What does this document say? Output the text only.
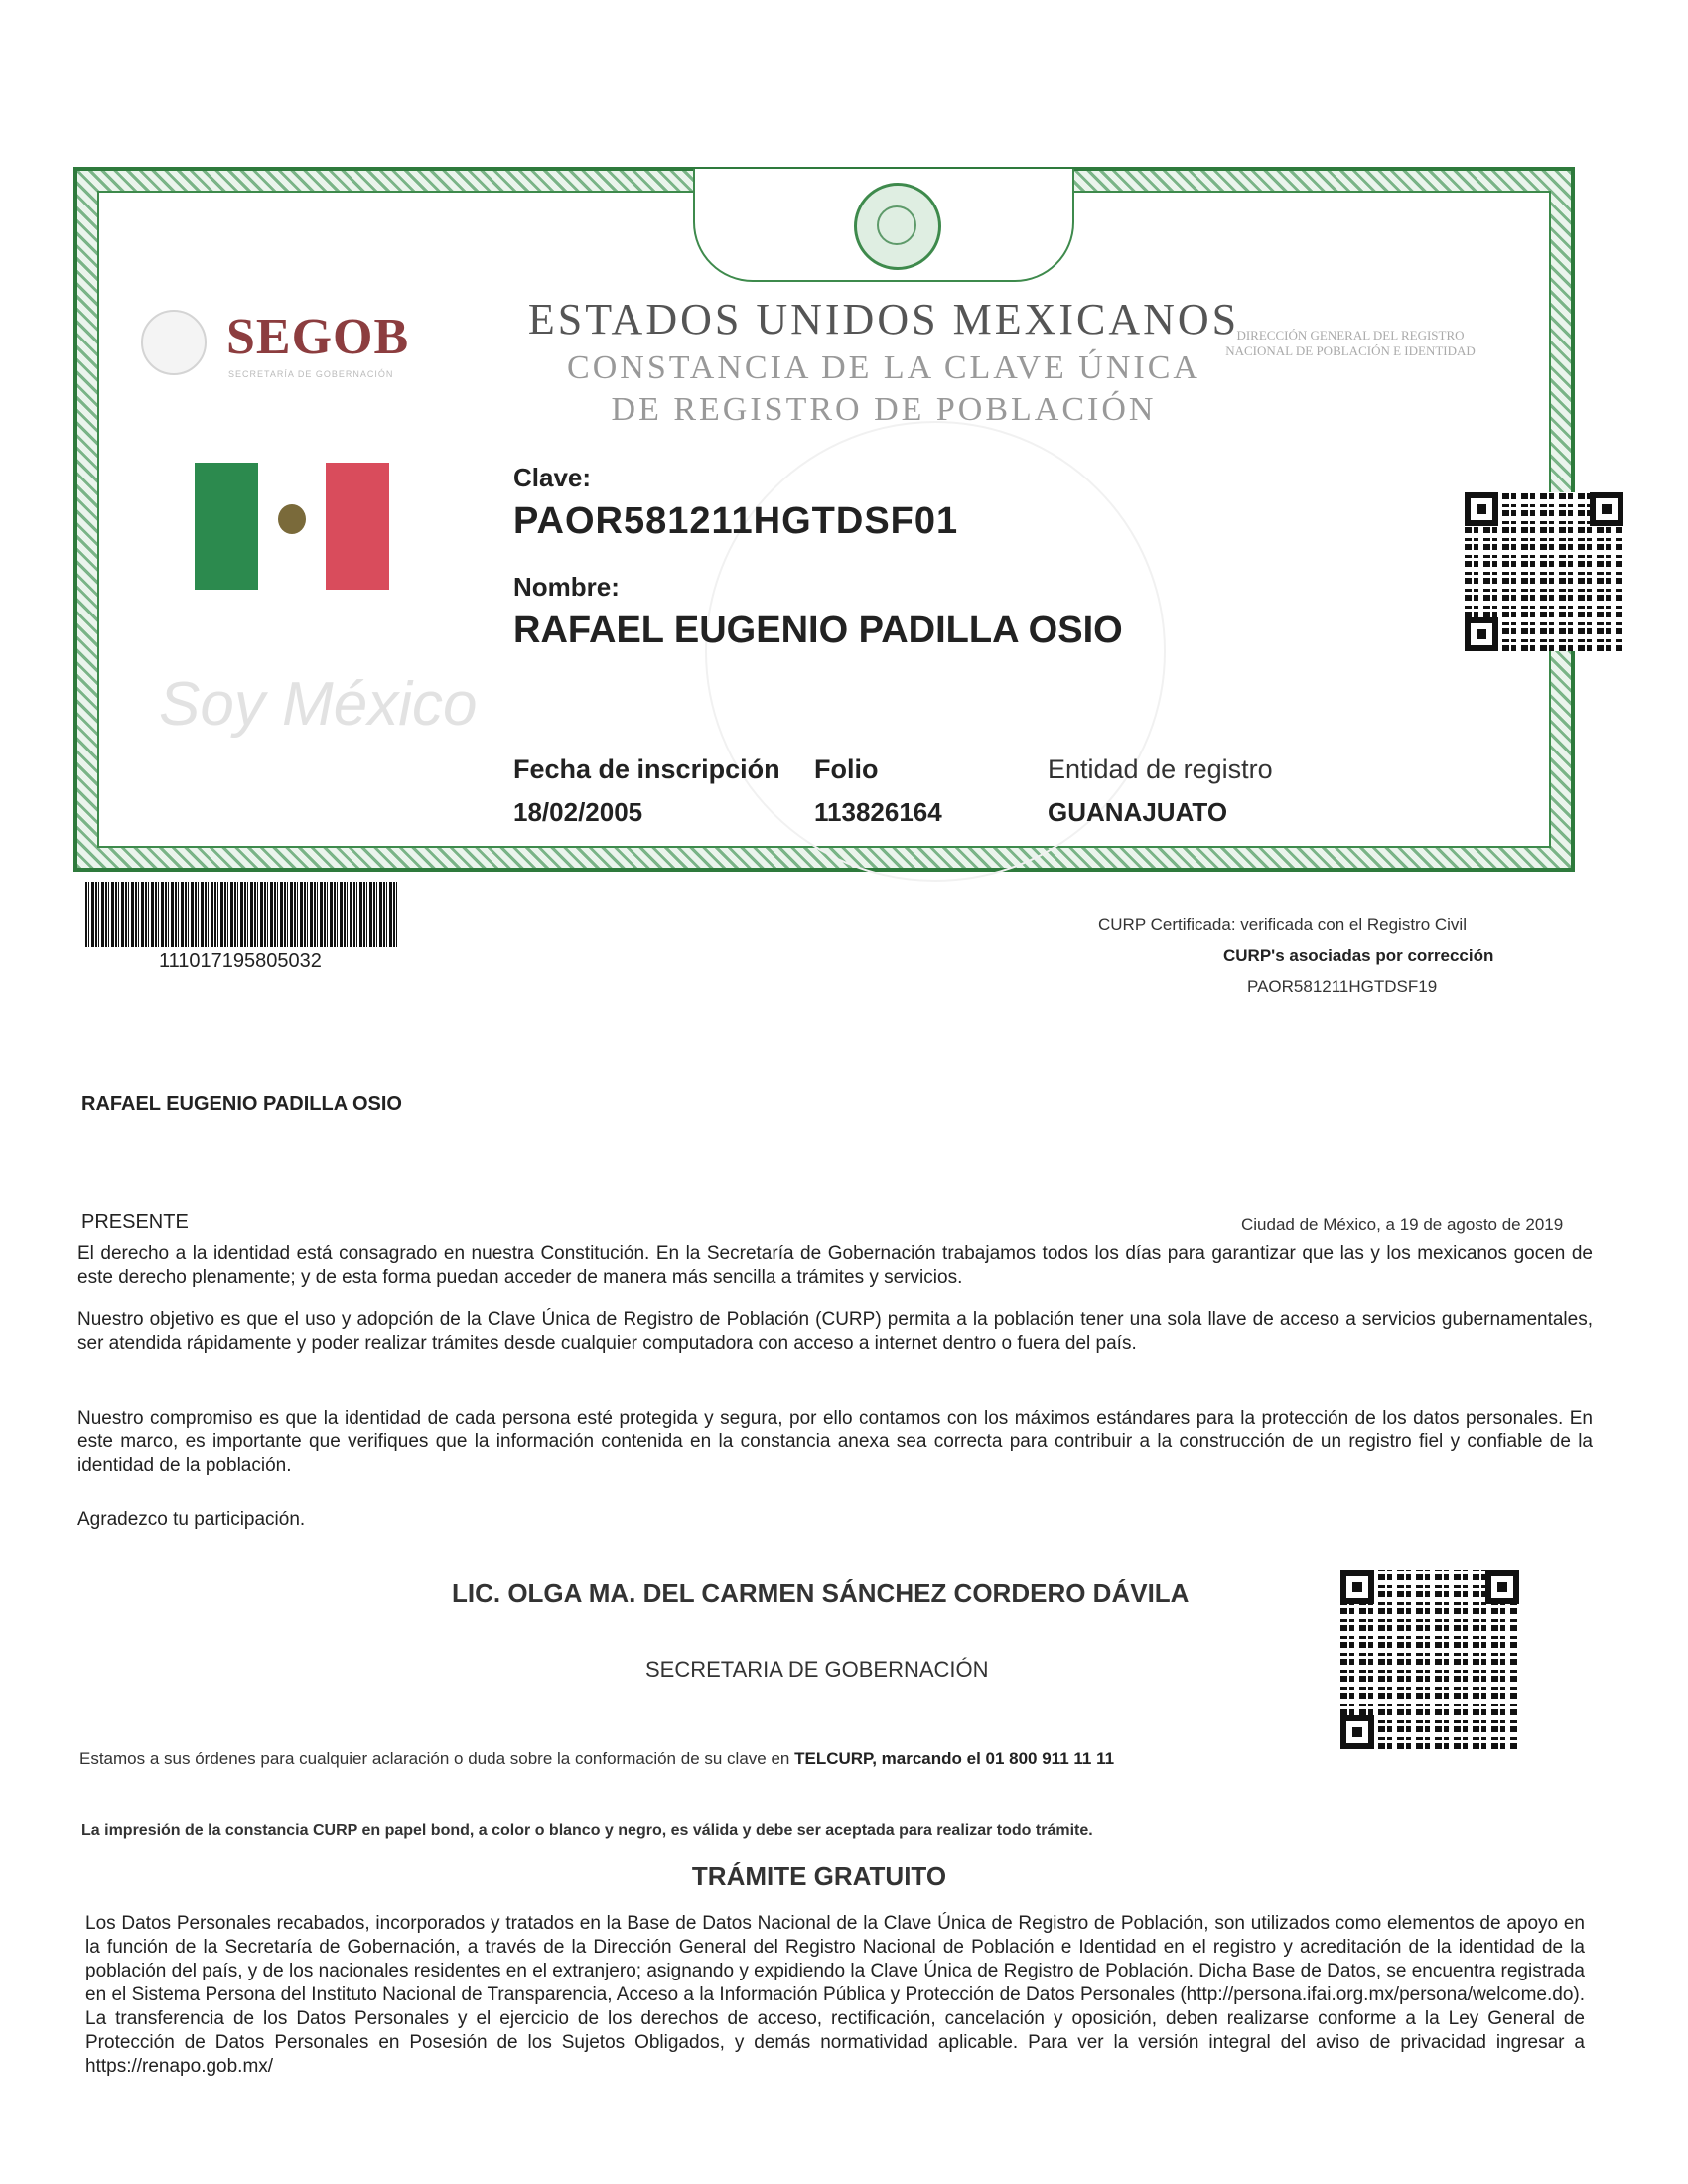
ESTADOS UNIDOS MEXICANOS
CONSTANCIA DE LA CLAVE ÚNICA
DE REGISTRO DE POBLACIÓN
SEGOB
SECRETARÍA DE GOBERNACIÓN
DIRECCIÓN GENERAL DEL REGISTRO NACIONAL DE POBLACIÓN E IDENTIDAD
Soy México
Clave:
PAOR581211HGTDSF01
Nombre:
RAFAEL EUGENIO PADILLA OSIO
Fecha de inscripción
18/02/2005
Folio
113826164
Entidad de registro
GUANAJUATO
111017195805032
CURP Certificada: verificada con el Registro Civil
CURP's asociadas por corrección
PAOR581211HGTDSF19
RAFAEL EUGENIO PADILLA OSIO
PRESENTE	Ciudad de México, a 19 de agosto de 2019
El derecho a la identidad está consagrado en nuestra Constitución. En la Secretaría de Gobernación trabajamos todos los días para garantizar que las y los mexicanos gocen de este derecho plenamente; y de esta forma puedan acceder de manera más sencilla a trámites y servicios.
Nuestro objetivo es que el uso y adopción de la Clave Única de Registro de Población (CURP) permita a la población tener una sola llave de acceso a servicios gubernamentales, ser atendida rápidamente y poder realizar trámites desde cualquier computadora con acceso a internet dentro o fuera del país.
Nuestro compromiso es que la identidad de cada persona esté protegida y segura, por ello contamos con los máximos estándares para la protección de los datos personales. En este marco, es importante que verifiques que la información contenida en la constancia anexa sea correcta para contribuir a la construcción de un registro fiel y confiable de la identidad de la población.
Agradezco tu participación.
LIC. OLGA MA. DEL CARMEN SÁNCHEZ CORDERO DÁVILA
SECRETARIA DE GOBERNACIÓN
Estamos a sus órdenes para cualquier aclaración o duda sobre la conformación de su clave en TELCURP, marcando el 01 800 911 11 11
La impresión de la constancia CURP en papel bond, a color o blanco y negro, es válida y debe ser aceptada para realizar todo trámite.
TRÁMITE GRATUITO
Los Datos Personales recabados, incorporados y tratados en la Base de Datos Nacional de la Clave Única de Registro de Población, son utilizados como elementos de apoyo en la función de la Secretaría de Gobernación, a través de la Dirección General del Registro Nacional de Población e Identidad en el registro y acreditación de la identidad de la población del país, y de los nacionales residentes en el extranjero; asignando y expidiendo la Clave Única de Registro de Población. Dicha Base de Datos, se encuentra registrada en el Sistema Persona del Instituto Nacional de Transparencia, Acceso a la Información Pública y Protección de Datos Personales (http://persona.ifai.org.mx/persona/welcome.do). La transferencia de los Datos Personales y el ejercicio de los derechos de acceso, rectificación, cancelación y oposición, deben realizarse conforme a la Ley General de Protección de Datos Personales en Posesión de los Sujetos Obligados, y demás normatividad aplicable. Para ver la versión integral del aviso de privacidad ingresar a https://renapo.gob.mx/
